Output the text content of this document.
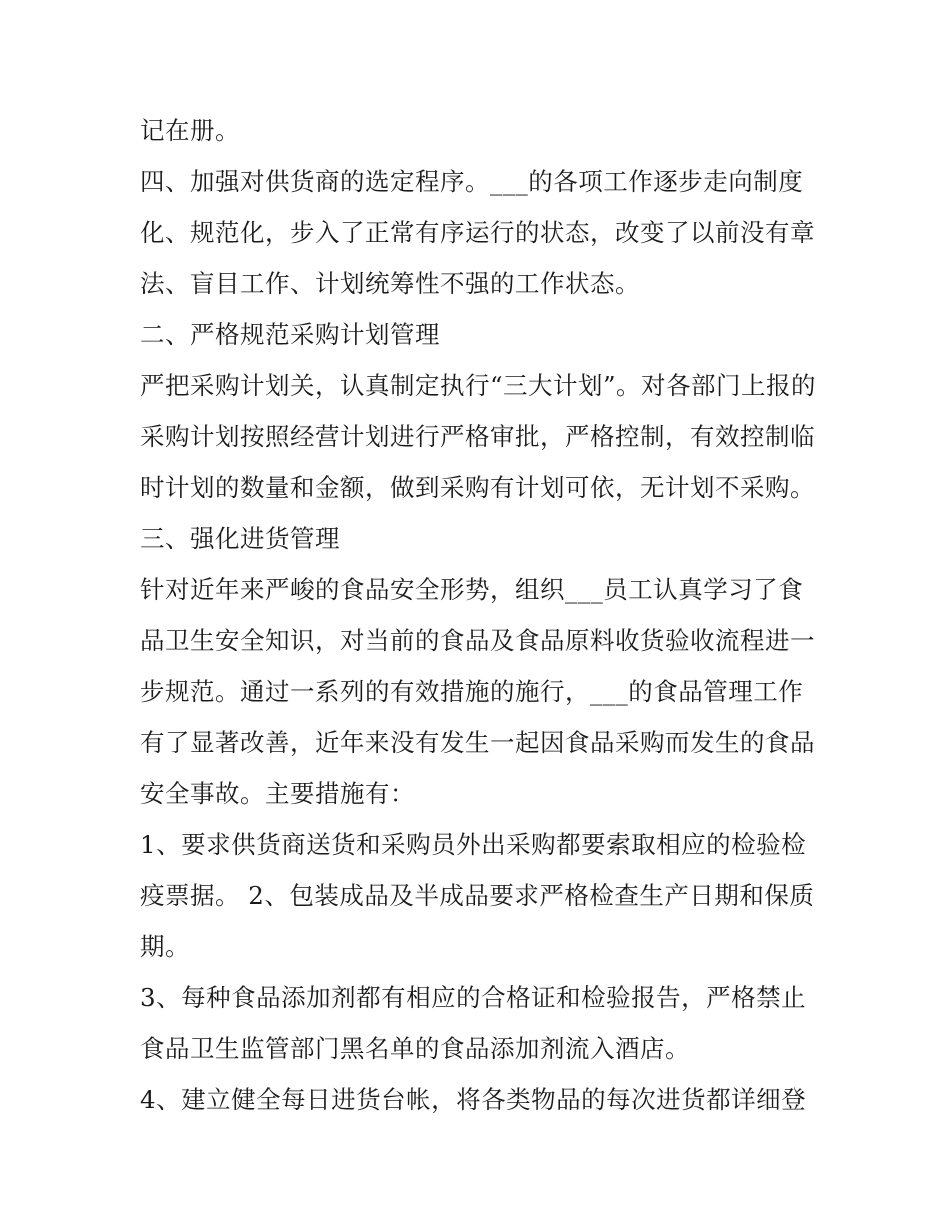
记在册。
四、加强对供货商的选定程序。___的各项工作逐步走向制度
化、规范化，步入了正常有序运行的状态，改变了以前没有章
法、盲目工作、计划统筹性不强的工作状态。
二、严格规范采购计划管理
严把采购计划关，认真制定执行“三大计划”。对各部门上报的
采购计划按照经营计划进行严格审批，严格控制，有效控制临
时计划的数量和金额，做到采购有计划可依，无计划不采购。
三、强化进货管理
针对近年来严峻的食品安全形势，组织___员工认真学习了食
品卫生安全知识，对当前的食品及食品原料收货验收流程进一
步规范。通过一系列的有效措施的施行，___的食品管理工作
有了显著改善，近年来没有发生一起因食品采购而发生的食品
安全事故。主要措施有：
1、要求供货商送货和采购员外出采购都要索取相应的检验检
疫票据。 2、包装成品及半成品要求严格检查生产日期和保质
期。
3、每种食品添加剂都有相应的合格证和检验报告，严格禁止
食品卫生监管部门黑名单的食品添加剂流入酒店。
4、建立健全每日进货台帐，将各类物品的每次进货都详细登
